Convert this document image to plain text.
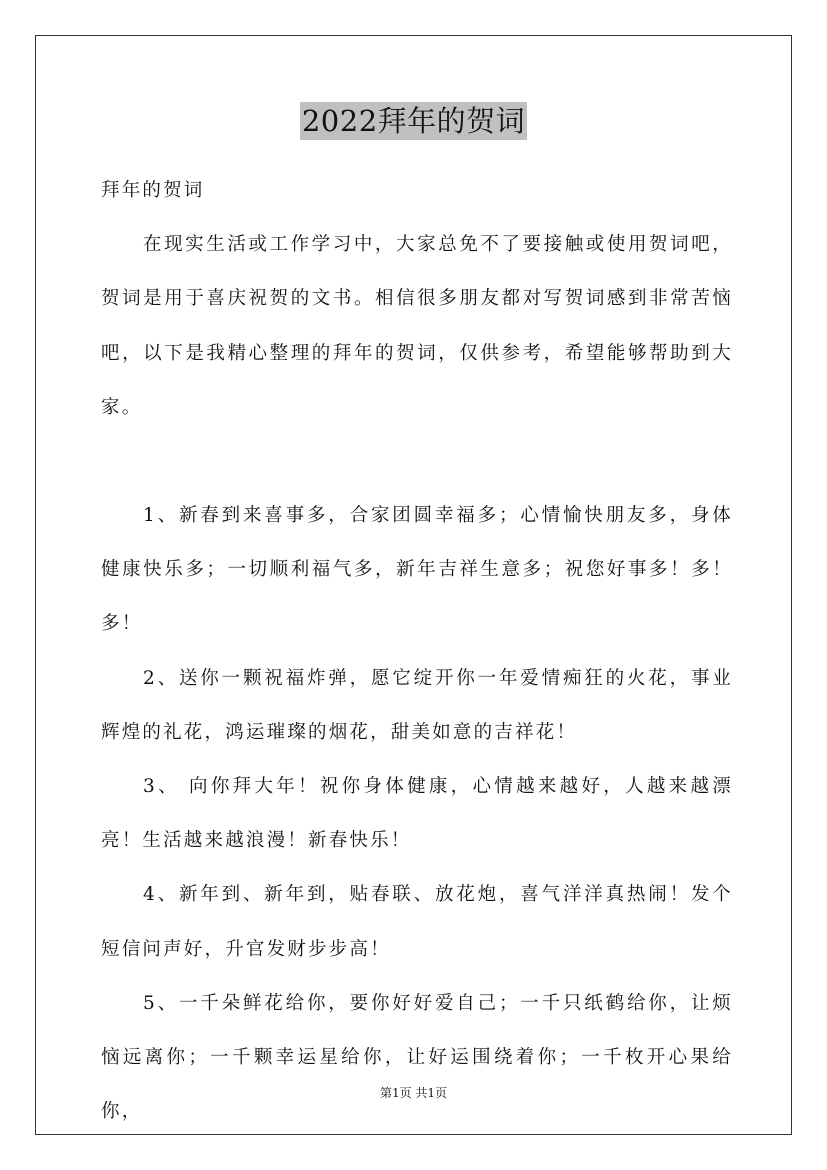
2022拜年的贺词

拜年的贺词

在现实生活或工作学习中，大家总免不了要接触或使用贺词吧，贺词是用于喜庆祝贺的文书。相信很多朋友都对写贺词感到非常苦恼吧，以下是我精心整理的拜年的贺词，仅供参考，希望能够帮助到大家。

1、新春到来喜事多，合家团圆幸福多；心情愉快朋友多，身体健康快乐多；一切顺利福气多，新年吉祥生意多；祝您好事多！多！多！

2、送你一颗祝福炸弹，愿它绽开你一年爱情痴狂的火花，事业辉煌的礼花，鸿运璀璨的烟花，甜美如意的吉祥花！

3、 向你拜大年！祝你身体健康，心情越来越好，人越来越漂亮！生活越来越浪漫！新春快乐！

4、新年到、新年到，贴春联、放花炮，喜气洋洋真热闹！发个短信问声好，升官发财步步高！

5、一千朵鲜花给你，要你好好爱自己；一千只纸鹤给你，让烦恼远离你；一千颗幸运星给你，让好运围绕着你；一千枚开心果给你，

第1页 共1页
